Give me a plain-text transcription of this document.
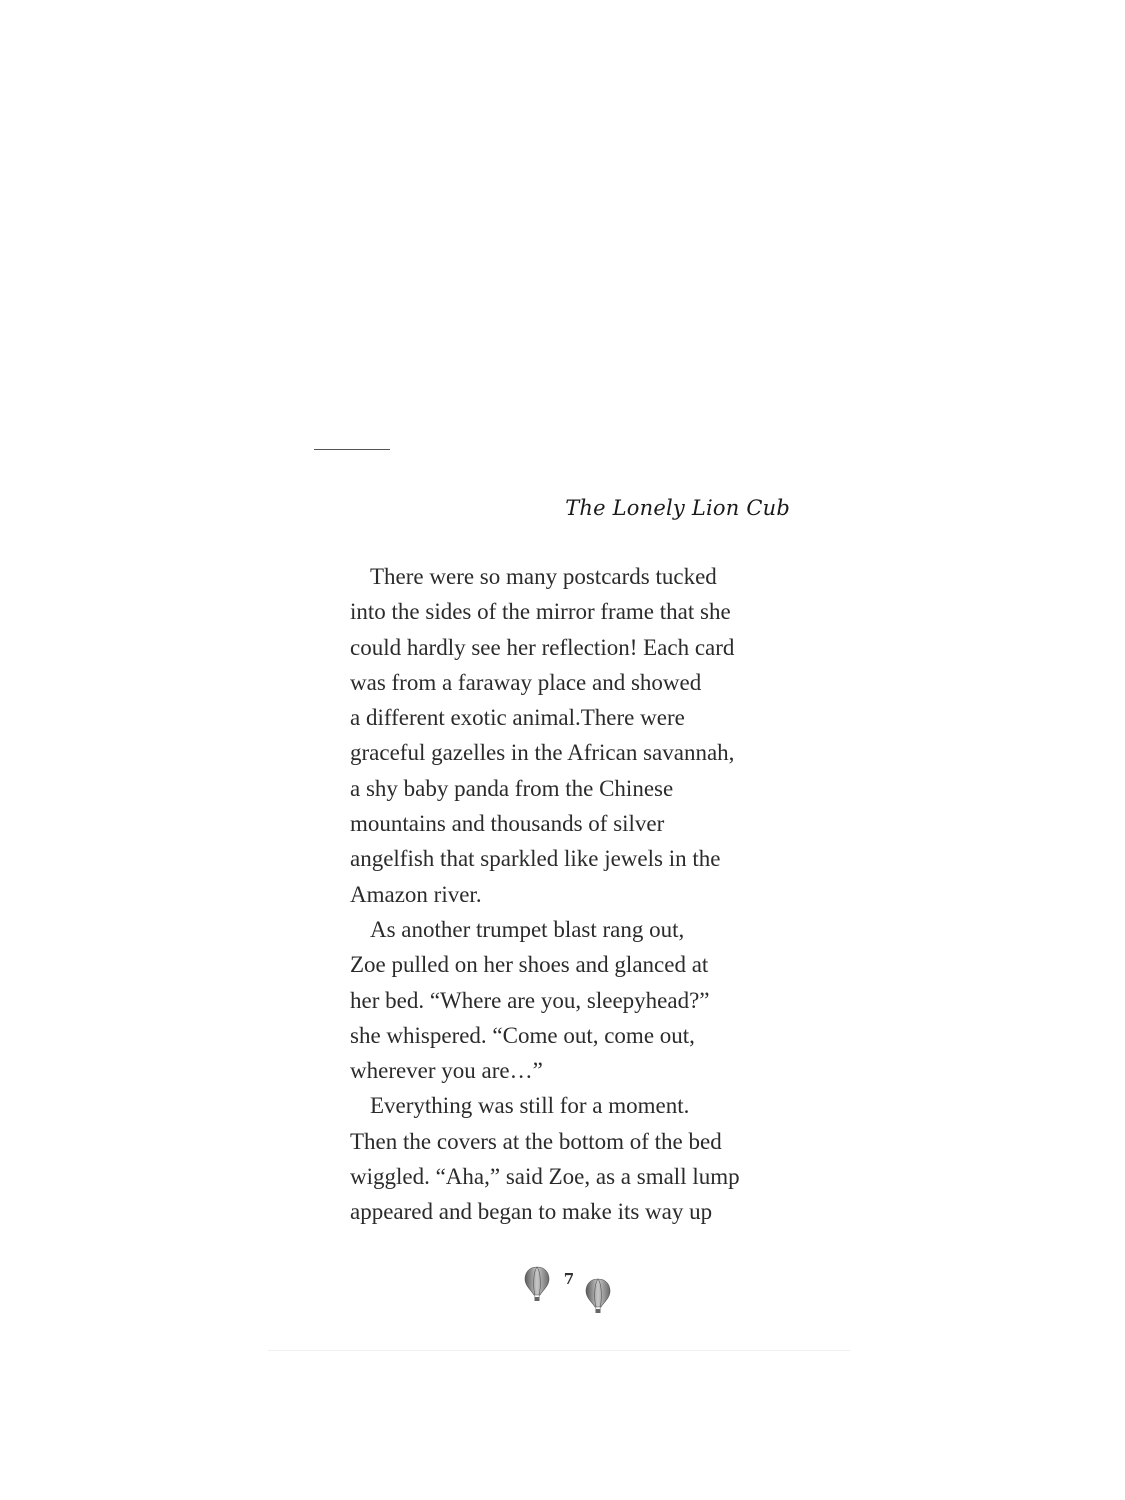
The Lonely Lion Cub
There were so many postcards tucked
into the sides of the mirror frame that she
could hardly see her reflection! Each card
was from a faraway place and showed
a different exotic animal.There were
graceful gazelles in the African savannah,
a shy baby panda from the Chinese
mountains and thousands of silver
angelfish that sparkled like jewels in the
Amazon river.
As another trumpet blast rang out,
Zoe pulled on her shoes and glanced at
her bed. “Where are you, sleepyhead?”
she whispered. “Come out, come out,
wherever you are…”
Everything was still for a moment.
Then the covers at the bottom of the bed
wiggled. “Aha,” said Zoe, as a small lump
appeared and began to make its way up
7
